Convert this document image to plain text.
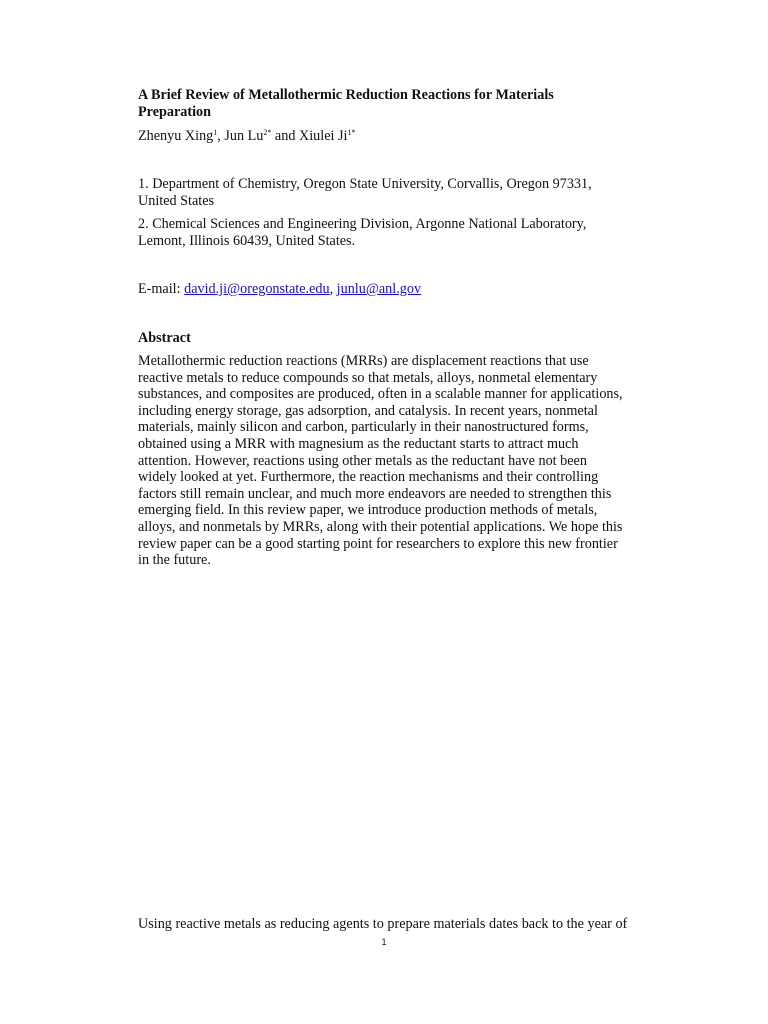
A Brief Review of Metallothermic Reduction Reactions for Materials Preparation
Zhenyu Xing$^1$, Jun $Lu^{2*}$ and Xiulei $Ji^{1*}$
1. Department of Chemistry, Oregon State University, Corvallis, Oregon 97331, United States
2. Chemical Sciences and Engineering Division, Argonne National Laboratory, Lemont, Illinois 60439, United States.
E-mail: david.ji@oregonstate.edu, junlu@anl.gov
Abstract
Metallothermic reduction reactions (MRRs) are displacement reactions that use
reactive metals to reduce compounds so that metals, alloys, nonmetal elementary
substances, and composites are produced, often in a scalable manner for applications,
including energy storage, gas adsorption, and catalysis. In recent years, nonmetal
materials, mainly silicon and carbon, particularly in their nanostructured forms,
obtained using a MRR with magnesium as the reductant starts to attract much
attention. However, reactions using other metals as the reductant have not been
widely looked at yet. Furthermore, the reaction mechanisms and their controlling
factors still remain unclear, and much more endeavors are needed to strengthen this
emerging field. In this review paper, we introduce production methods of metals,
alloys, and nonmetals by MRRs, along with their potential applications. We hope this
review paper can be a good starting point for researchers to explore this new frontier
in the future.
Using reactive metals as reducing agents to prepare materials dates back to the year of
1
